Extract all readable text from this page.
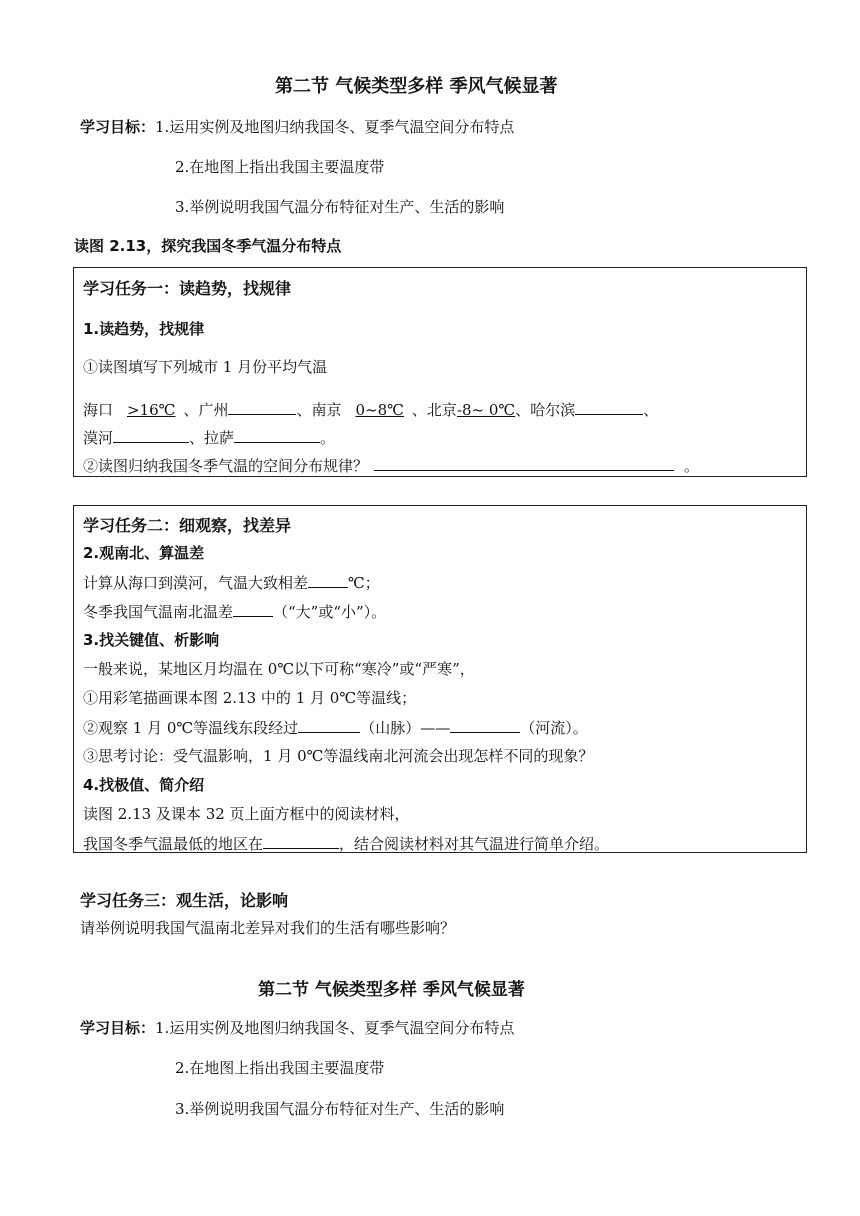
第二节 气候类型多样 季风气候显著
学习目标：1.运用实例及地图归纳我国冬、夏季气温空间分布特点
2.在地图上指出我国主要温度带
3.举例说明我国气温分布特征对生产、生活的影响
读图 2.13，探究我国冬季气温分布特点
学习任务一：读趋势，找规律
1.读趋势，找规律
①读图填写下列城市 1 月份平均气温
海口 >16℃ 、广州	、南京 0~8℃ 、北京-8~ 0℃、哈尔滨	、
漠河	、拉萨	。
②读图归纳我国冬季气温的空间分布规律？	。
学习任务二：细观察，找差异
2.观南北、算温差
计算从海口到漠河，气温大致相差	℃；
冬季我国气温南北温差	（“大”或“小”）。
3.找关键值、析影响
一般来说，某地区月均温在 0℃以下可称“寒冷”或“严寒”，
①用彩笔描画课本图 2.13 中的 1 月 0℃等温线；
②观察 1 月 0℃等温线东段经过	（山脉）——	（河流）。
③思考讨论：受气温影响，1 月 0℃等温线南北河流会出现怎样不同的现象？
4.找极值、简介绍
读图 2.13 及课本 32 页上面方框中的阅读材料，
我国冬季气温最低的地区在	，结合阅读材料对其气温进行简单介绍。
学习任务三：观生活，论影响
请举例说明我国气温南北差异对我们的生活有哪些影响？
第二节 气候类型多样 季风气候显著
学习目标：1.运用实例及地图归纳我国冬、夏季气温空间分布特点
2.在地图上指出我国主要温度带
3.举例说明我国气温分布特征对生产、生活的影响
